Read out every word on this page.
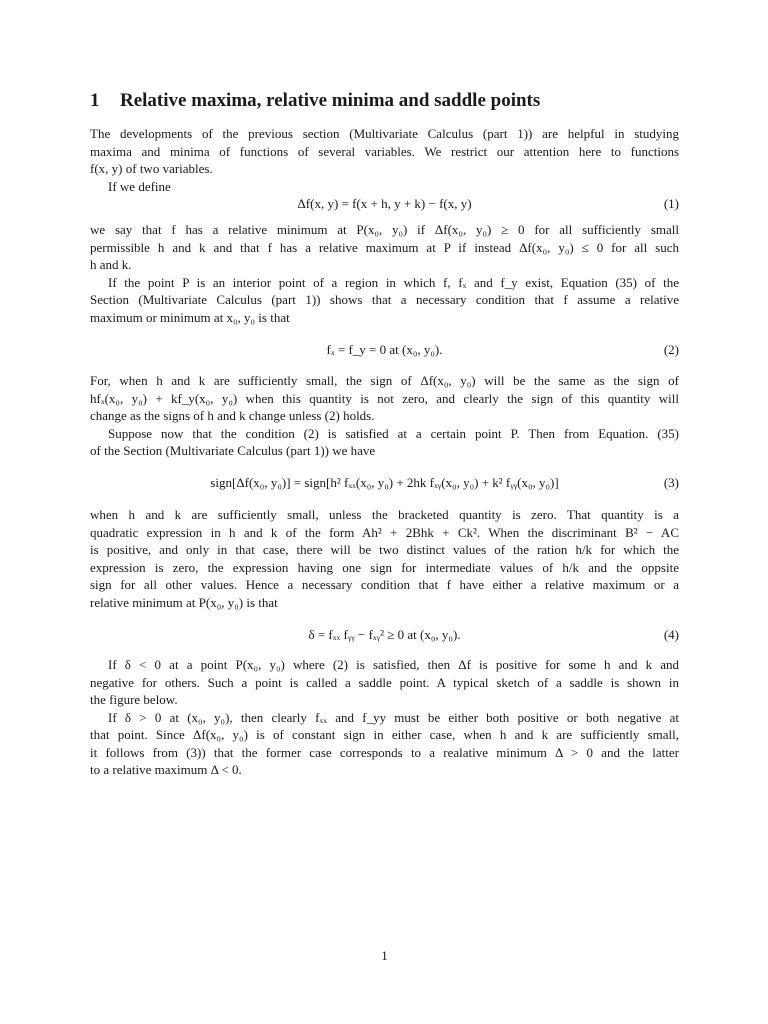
1 Relative maxima, relative minima and saddle points
The developments of the previous section (Multivariate Calculus (part 1)) are helpful in studying
maxima and minima of functions of several variables. We restrict our attention here to functions
f(x, y) of two variables.
If we define
Δf(x, y) = f(x + h, y + k) − f(x, y)	(1)
we say that f has a relative minimum at P(x₀, y₀) if Δf(x₀, y₀) ≥ 0 for all sufficiently small
permissible h and k and that f has a relative maximum at P if instead Δf(x₀, y₀) ≤ 0 for all such
h and k.
If the point P is an interior point of a region in which f, fₓ and f_y exist, Equation (35) of the
Section (Multivariate Calculus (part 1)) shows that a necessary condition that f assume a relative
maximum or minimum at x₀, y₀ is that
fₓ = f_y = 0 at (x₀, y₀).	(2)
For, when h and k are sufficiently small, the sign of Δf(x₀, y₀) will be the same as the sign of
hfₓ(x₀, y₀) + kf_y(x₀, y₀) when this quantity is not zero, and clearly the sign of this quantity will
change as the signs of h and k change unless (2) holds.
Suppose now that the condition (2) is satisfied at a certain point P. Then from Equation. (35)
of the Section (Multivariate Calculus (part 1)) we have
sign[Δf(x₀, y₀)] = sign[h² fₓₓ(x₀, y₀) + 2hk fₓᵧ(x₀, y₀) + k² fᵧᵧ(x₀, y₀)]	(3)
when h and k are sufficiently small, unless the bracketed quantity is zero. That quantity is a
quadratic expression in h and k of the form Ah² + 2Bhk + Ck². When the discriminant B² − AC
is positive, and only in that case, there will be two distinct values of the ration h/k for which the
expression is zero, the expression having one sign for intermediate values of h/k and the oppsite
sign for all other values. Hence a necessary condition that f have either a relative maximum or a
relative minimum at P(x₀, y₀) is that
δ = fₓₓ fᵧᵧ − fₓᵧ² ≥ 0 at (x₀, y₀).	(4)
If δ < 0 at a point P(x₀, y₀) where (2) is satisfied, then Δf is positive for some h and k and
negative for others. Such a point is called a saddle point. A typical sketch of a saddle is shown in
the figure below.
If δ > 0 at (x₀, y₀), then clearly fₓₓ and f_yy must be either both positive or both negative at
that point. Since Δf(x₀, y₀) is of constant sign in either case, when h and k are sufficiently small,
it follows from (3)) that the former case corresponds to a realative minimum Δ > 0 and the latter
to a relative maximum Δ < 0.
1
